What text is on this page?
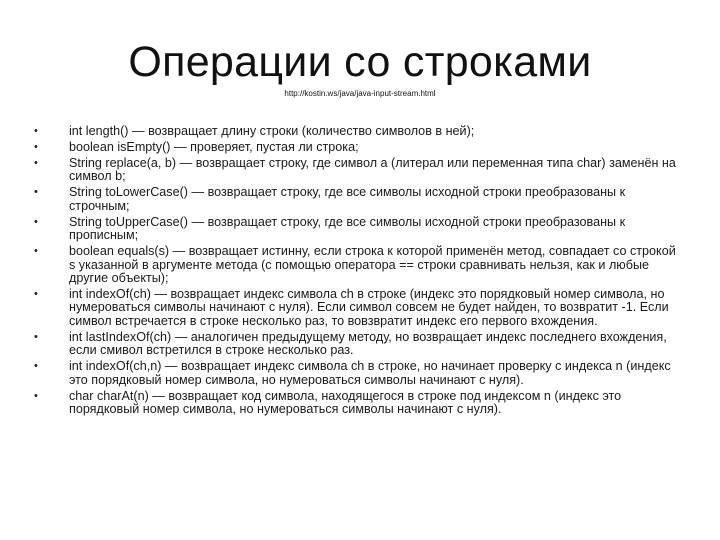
Операции со строками
http://kostin.ws/java/java-input-stream.html
•	int length() — возвращает длину строки (количество символов в ней);
•	boolean isEmpty() — проверяет, пустая ли строка;
•	String replace(a, b) — возвращает строку, где символ a (литерал или переменная типа char) заменён на символ b;
•	String toLowerCase() — возвращает строку, где все символы исходной строки преобразованы к строчным;
•	String toUpperCase() — возвращает строку, где все символы исходной строки преобразованы к прописным;
•	boolean equals(s) — возвращает истинну, если строка к которой применён метод, совпадает со строкой s указанной в аргументе метода (с помощью оператора == строки сравнивать нельзя, как и любые другие объекты);
•	int indexOf(ch) — возвращает индекс символа ch в строке (индекс это порядковый номер символа, но нумероваться символы начинают с нуля). Если символ совсем не будет найден, то возвратит -1. Если символ встречается в строке несколько раз, то вовзвратит индекс его первого вхождения.
•	int lastIndexOf(ch) — аналогичен предыдущему методу, но возвращает индекс последнего вхождения, если смивол встретился в строке несколько раз.
•	int indexOf(ch,n) — возвращает индекс символа ch в строке, но начинает проверку с индекса n (индекс это порядковый номер символа, но нумероваться символы начинают с нуля).
•	char charAt(n) — возвращает код символа, находящегося в строке под индексом n (индекс это порядковый номер символа, но нумероваться символы начинают с нуля).
